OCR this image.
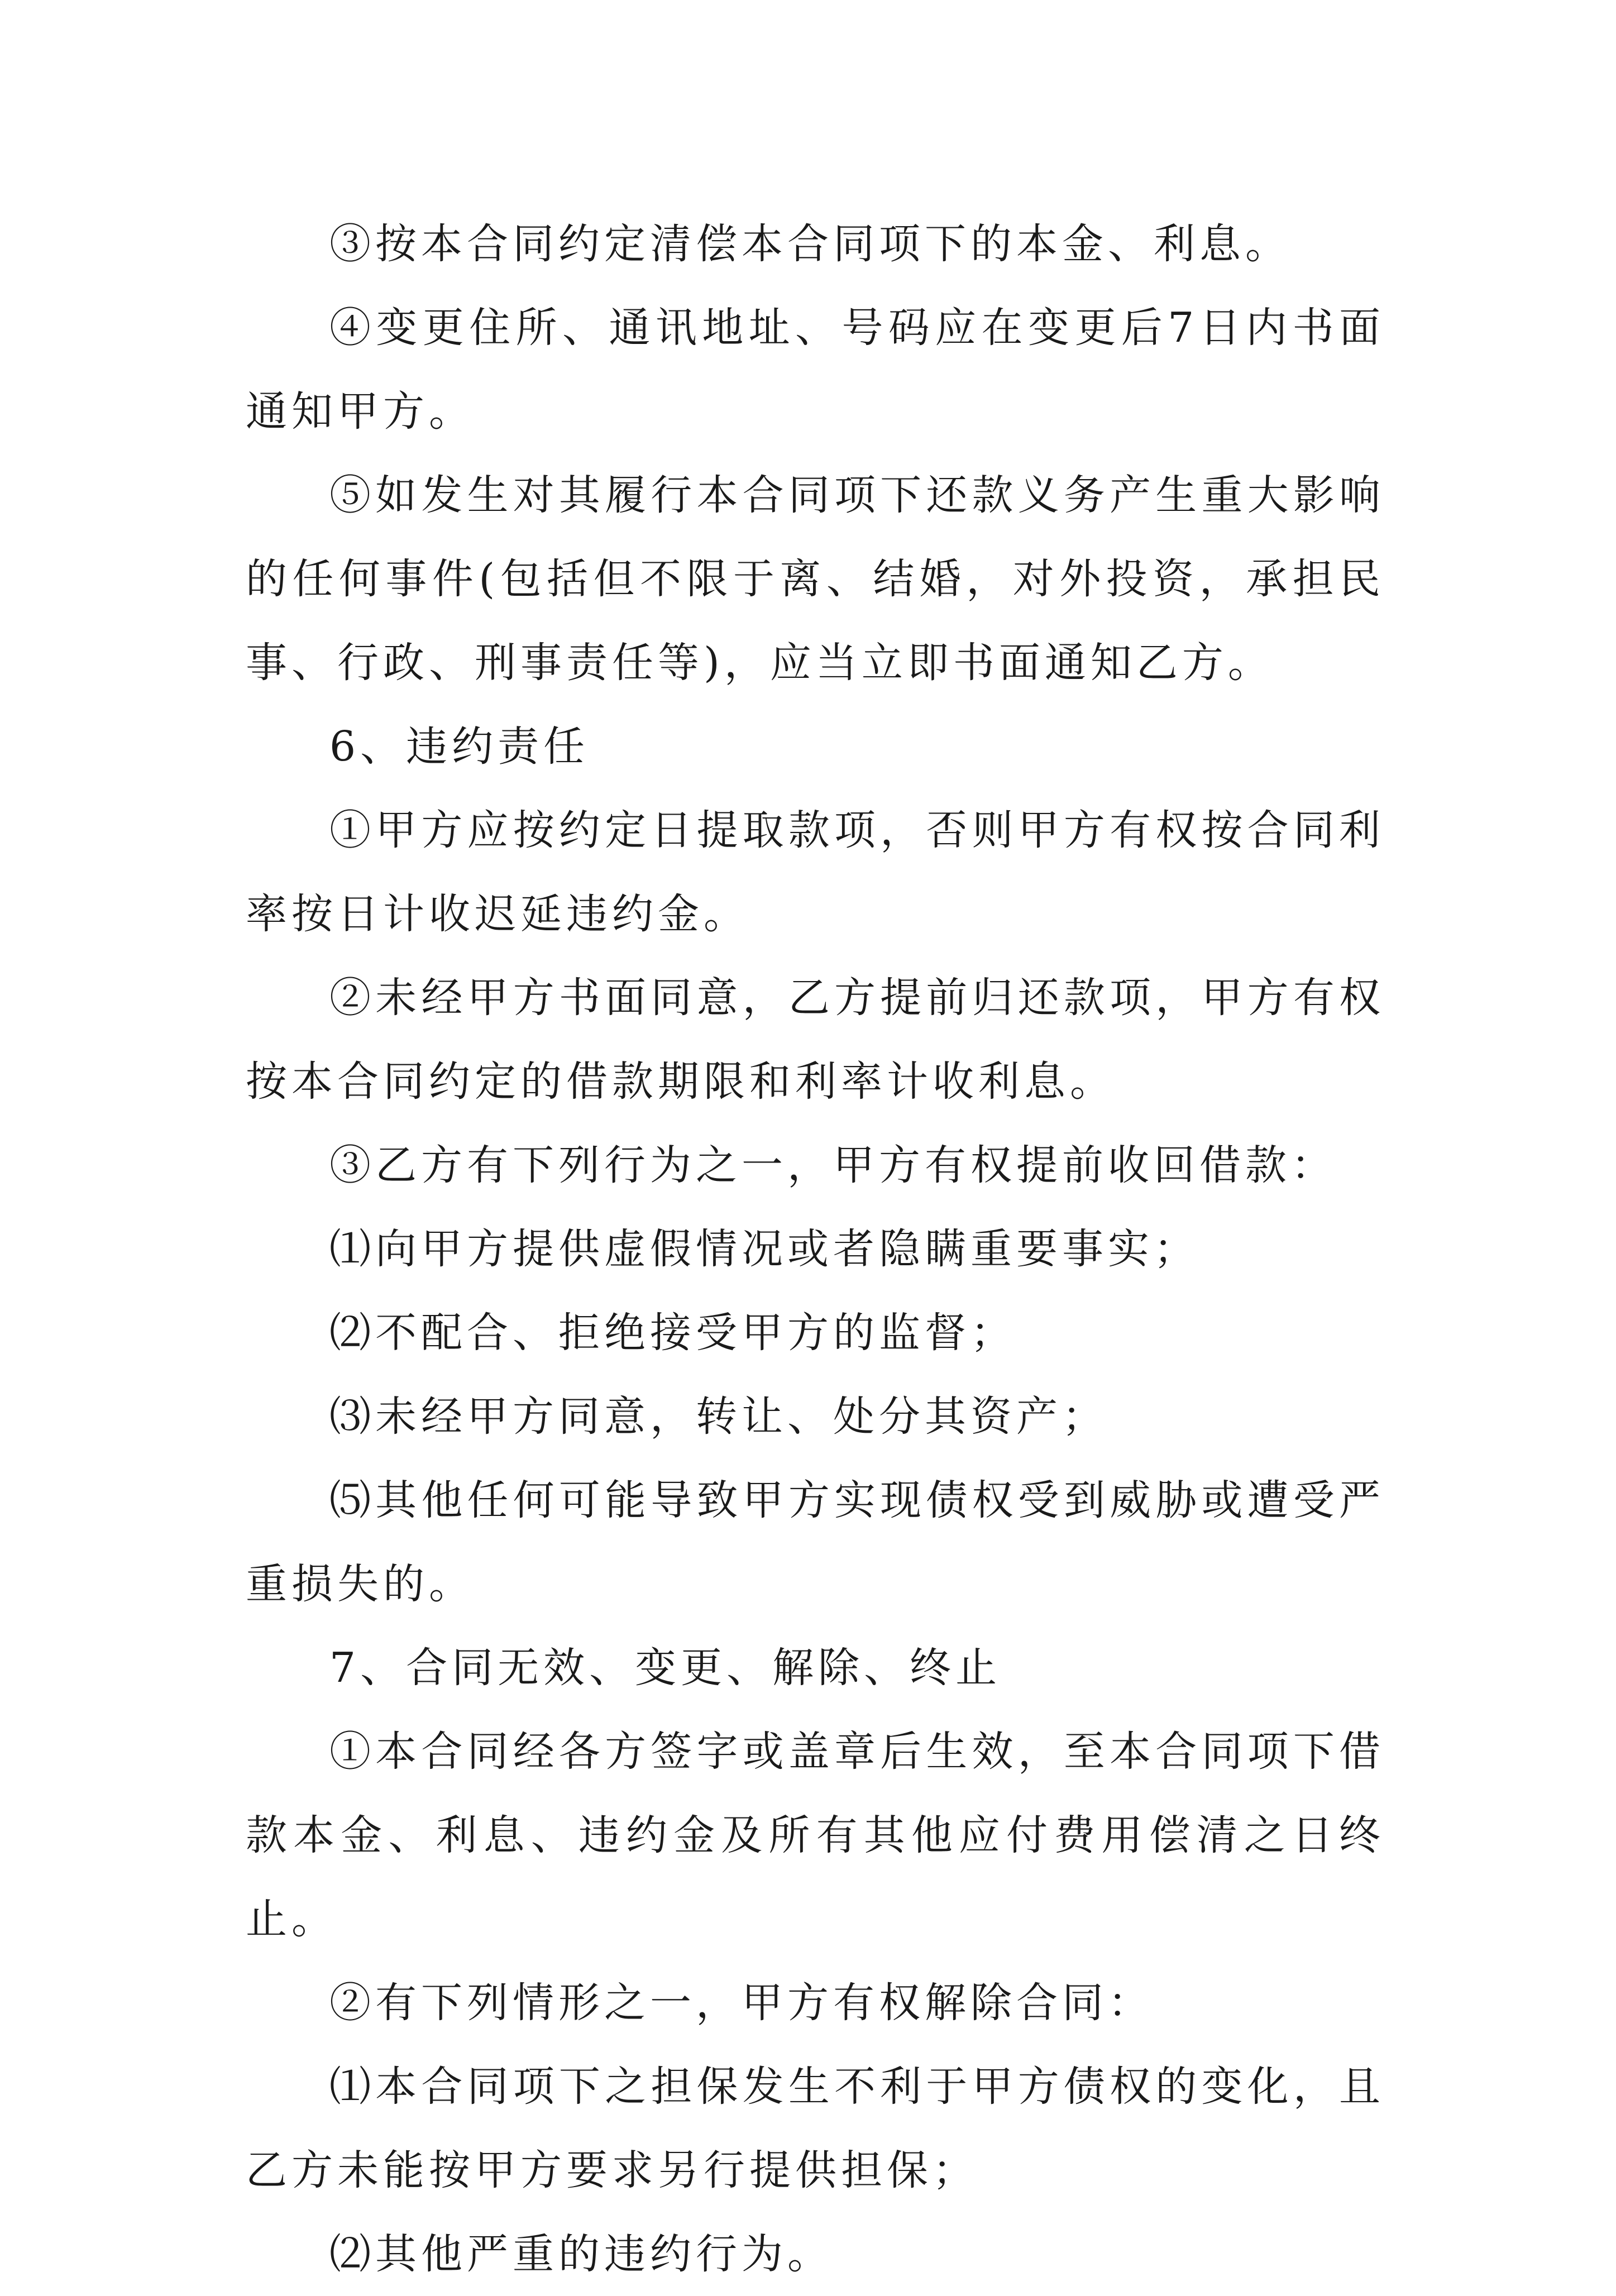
③按本合同约定清偿本合同项下的本金、利息。

④变更住所、通讯地址、号码应在变更后7日内书面通知甲方。

⑤如发生对其履行本合同项下还款义务产生重大影响的任何事件(包括但不限于离、结婚，对外投资，承担民事、行政、刑事责任等)，应当立即书面通知乙方。

6、违约责任

①甲方应按约定日提取款项，否则甲方有权按合同利率按日计收迟延违约金。

②未经甲方书面同意，乙方提前归还款项，甲方有权按本合同约定的借款期限和利率计收利息。

③乙方有下列行为之一，甲方有权提前收回借款：

⑴向甲方提供虚假情况或者隐瞒重要事实；

⑵不配合、拒绝接受甲方的监督；

⑶未经甲方同意，转让、处分其资产；

⑸其他任何可能导致甲方实现债权受到威胁或遭受严重损失的。

7、合同无效、变更、解除、终止

①本合同经各方签字或盖章后生效，至本合同项下借款本金、利息、违约金及所有其他应付费用偿清之日终止。

②有下列情形之一，甲方有权解除合同：

⑴本合同项下之担保发生不利于甲方债权的变化，且乙方未能按甲方要求另行提供担保；

⑵其他严重的违约行为。
